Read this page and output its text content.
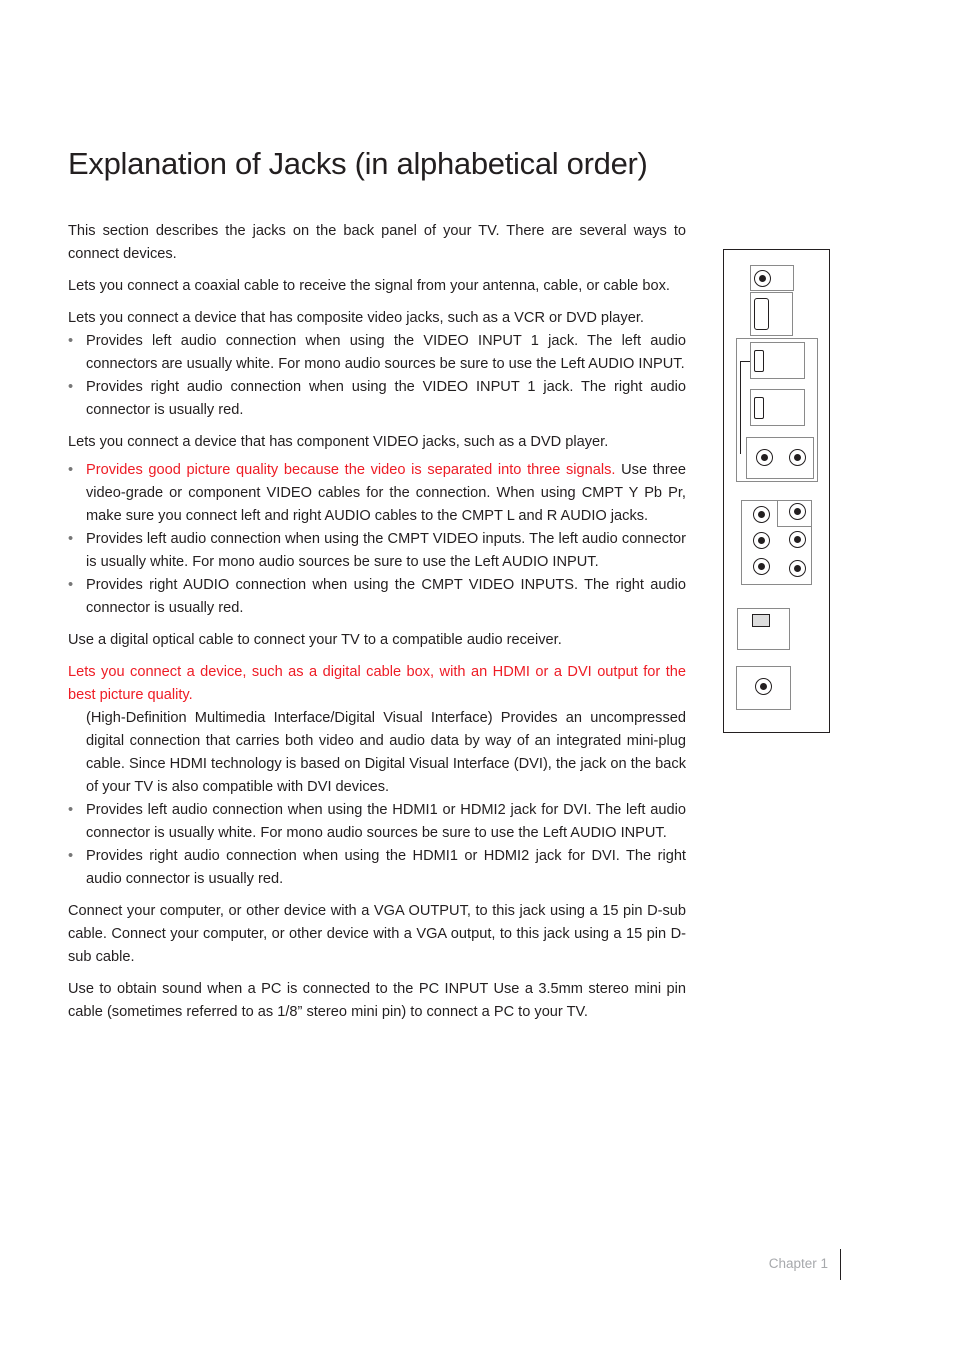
Explanation of Jacks (in alphabetical order)

This section describes the jacks on the back panel of your TV. There are several ways to connect devices.

Lets you connect a coaxial cable to receive the signal from your antenna, cable, or cable box.

Lets you connect a device that has composite video jacks, such as a VCR or DVD player.

• Provides left audio connection when using the VIDEO INPUT 1 jack. The left audio connectors are usually white. For mono audio sources be sure to use the Left AUDIO INPUT.
• Provides right audio connection when using the VIDEO INPUT 1 jack. The right audio connector is usually red.

Lets you connect a device that has component VIDEO jacks, such as a DVD player.

• Provides good picture quality because the video is separated into three signals. Use three video-grade or component VIDEO cables for the connection. When using CMPT Y Pb Pr, make sure you connect left and right AUDIO cables to the CMPT L and R AUDIO jacks.
• Provides left audio connection when using the CMPT VIDEO inputs. The left audio connector is usually white. For mono audio sources be sure to use the Left AUDIO INPUT.
• Provides right AUDIO connection when using the CMPT VIDEO INPUTS. The right audio connector is usually red.

Use a digital optical cable to connect your TV to a compatible audio receiver.

Lets you connect a device, such as a digital cable box, with an HDMI or a DVI output for the best picture quality.

(High-Definition Multimedia Interface/Digital Visual Interface) Provides an uncompressed digital connection that carries both video and audio data by way of an integrated mini-plug cable. Since HDMI technology is based on Digital Visual Interface (DVI), the jack on the back of your TV is also compatible with DVI devices.

• Provides left audio connection when using the HDMI1 or HDMI2 jack for DVI. The left audio connector is usually white. For mono audio sources be sure to use the Left AUDIO INPUT.
• Provides right audio connection when using the HDMI1 or HDMI2 jack for DVI. The right audio connector is usually red.

Connect your computer, or other device with a VGA OUTPUT, to this jack using a 15 pin D-sub cable. Connect your computer, or other device with a VGA output, to this jack using a 15 pin D-sub cable.

Use to obtain sound when a PC is connected to the PC INPUT Use a 3.5mm stereo mini pin cable (sometimes referred to as 1/8” stereo mini pin) to connect a PC to your TV.

Chapter 1
